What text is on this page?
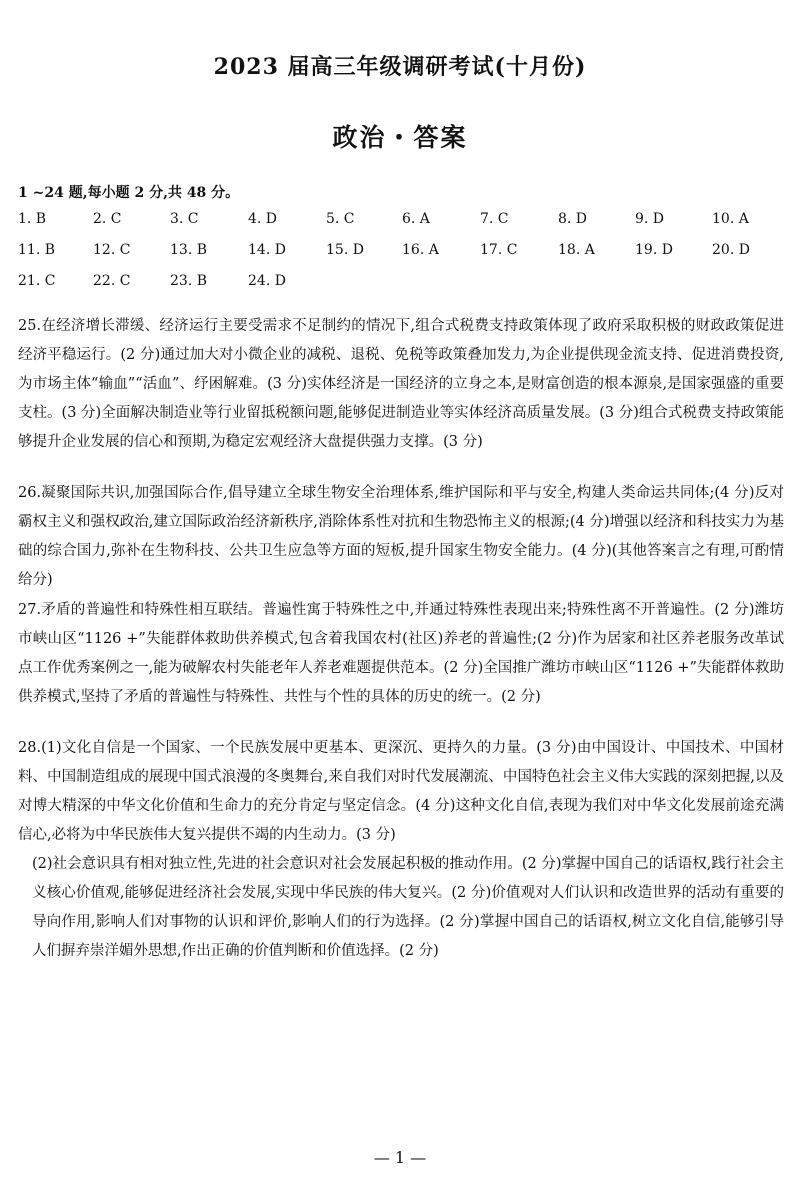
2023 届高三年级调研考试(十月份)
政治・答案
1 ~24 题,每小题 2 分,共 48 分。
1. B	2. C	3. C	4. D	5. C	6. A	7. C	8. D	9. D	10. A
11. B	12. C	13. B	14. D	15. D	16. A	17. C	18. A	19. D	20. D
21. C	22. C	23. B	24. D

25.在经济增长滞缓、经济运行主要受需求不足制约的情况下,组合式税费支持政策体现了政府采取积极的财政政策促进经济平稳运行。(2 分)通过加大对小微企业的减税、退税、免税等政策叠加发力,为企业提供现金流支持、促进消费投资,为市场主体“输血”“活血”、纾困解难。(3 分)实体经济是一国经济的立身之本,是财富创造的根本源泉,是国家强盛的重要支柱。(3 分)全面解决制造业等行业留抵税额问题,能够促进制造业等实体经济高质量发展。(3 分)组合式税费支持政策能够提升企业发展的信心和预期,为稳定宏观经济大盘提供强力支撑。(3 分)

26.凝聚国际共识,加强国际合作,倡导建立全球生物安全治理体系,维护国际和平与安全,构建人类命运共同体;(4 分)反对霸权主义和强权政治,建立国际政治经济新秩序,消除体系性对抗和生物恐怖主义的根源;(4 分)增强以经济和科技实力为基础的综合国力,弥补在生物科技、公共卫生应急等方面的短板,提升国家生物安全能力。(4 分)(其他答案言之有理,可酌情给分)

27.矛盾的普遍性和特殊性相互联结。普遍性寓于特殊性之中,并通过特殊性表现出来;特殊性离不开普遍性。(2 分)潍坊市峡山区“1126 +”失能群体救助供养模式,包含着我国农村(社区)养老的普遍性;(2 分)作为居家和社区养老服务改革试点工作优秀案例之一,能为破解农村失能老年人养老难题提供范本。(2 分)全国推广潍坊市峡山区“1126 +”失能群体救助供养模式,坚持了矛盾的普遍性与特殊性、共性与个性的具体的历史的统一。(2 分)

28.(1)文化自信是一个国家、一个民族发展中更基本、更深沉、更持久的力量。(3 分)由中国设计、中国技术、中国材料、中国制造组成的展现中国式浪漫的冬奥舞台,来自我们对时代发展潮流、中国特色社会主义伟大实践的深刻把握,以及对博大精深的中华文化价值和生命力的充分肯定与坚定信念。(4 分)这种文化自信,表现为我们对中华文化发展前途充满信心,必将为中华民族伟大复兴提供不竭的内生动力。(3 分)

(2)社会意识具有相对独立性,先进的社会意识对社会发展起积极的推动作用。(2 分)掌握中国自己的话语权,践行社会主义核心价值观,能够促进经济社会发展,实现中华民族的伟大复兴。(2 分)价值观对人们认识和改造世界的活动有重要的导向作用,影响人们对事物的认识和评价,影响人们的行为选择。(2 分)掌握中国自己的话语权,树立文化自信,能够引导人们摒弃崇洋媚外思想,作出正确的价值判断和价值选择。(2 分)

— 1 —
